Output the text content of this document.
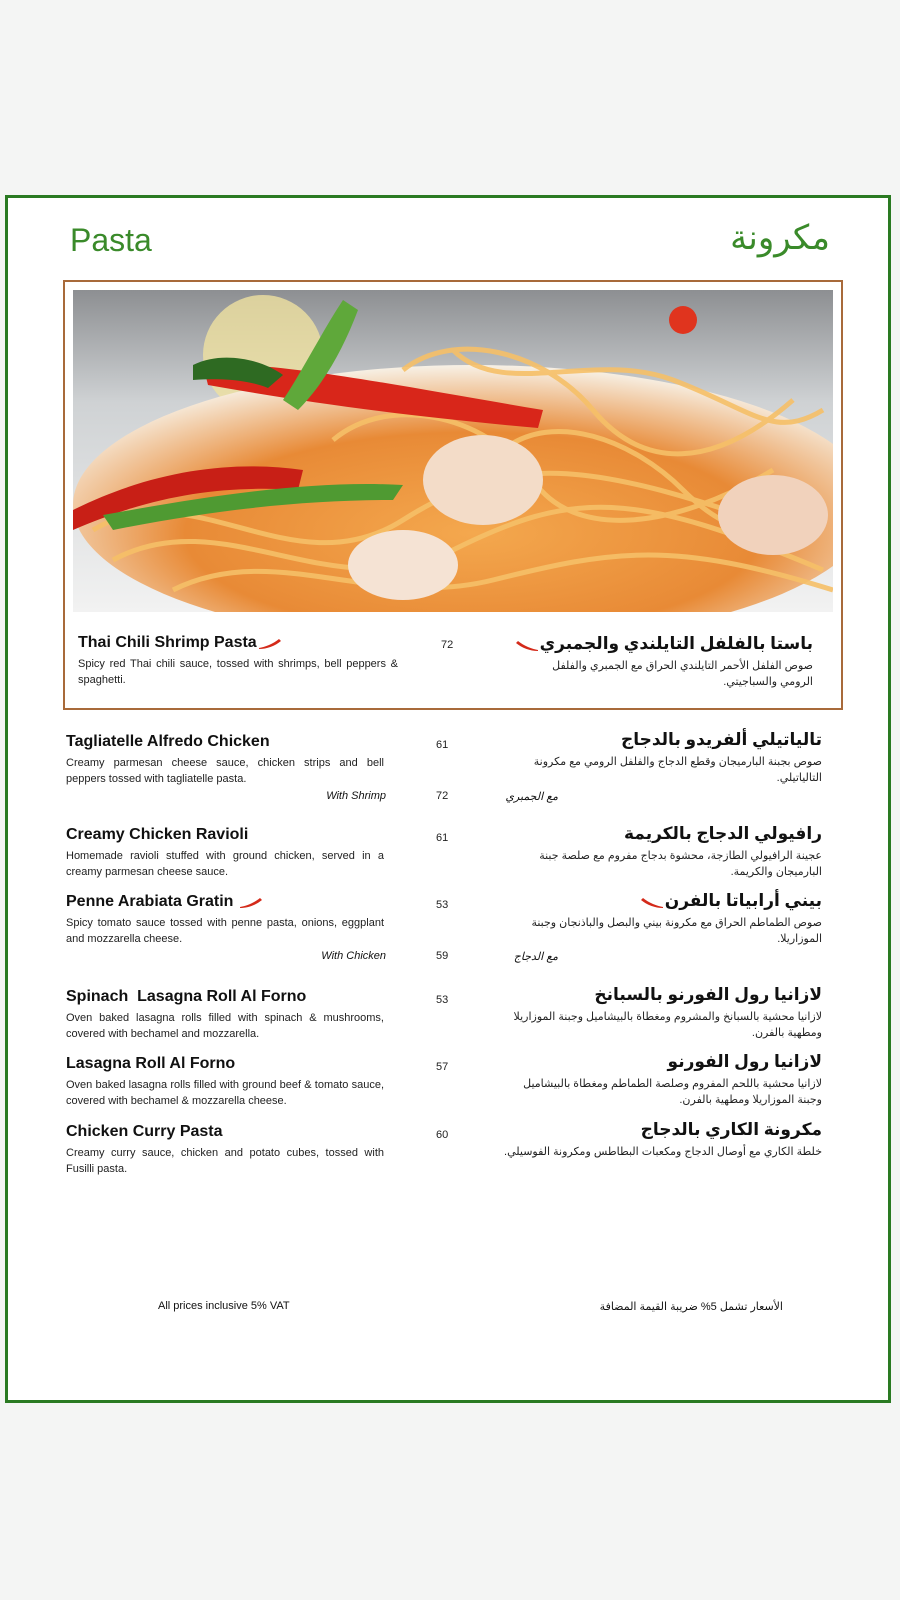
Pasta	مكرونة
Thai Chili Shrimp Pasta
Spicy red Thai chili sauce, tossed with shrimps, bell peppers & spaghetti.
72	باستا بالفلفل التايلندي والجمبري
صوص الفلفل الأحمر التايلندي الحراق مع الجمبري والفلفل الرومي والسباجيتي.
Tagliatelle Alfredo Chicken
Creamy parmesan cheese sauce, chicken strips and bell peppers tossed with tagliatelle pasta.
61	تالياتيلي ألفريدو بالدجاج
صوص بجبنة البارميجان وقطع الدجاج والفلفل الرومي مع مكرونة التالياتيلي.
With Shrimp	72	مع الجمبري
Creamy Chicken Ravioli
Homemade ravioli stuffed with ground chicken, served in a creamy parmesan cheese sauce.
61	رافيولي الدجاج بالكريمة
عجينة الرافيولي الطازجة، محشوة بدجاج مفروم مع صلصة جبنة البارميجان والكريمة.
Penne Arabiata Gratin
Spicy tomato sauce tossed with penne pasta, onions, eggplant and mozzarella cheese.
53	بيني أرابياتا بالفرن
صوص الطماطم الحراق مع مكرونة بيني والبصل والباذنجان وجبنة الموزاريلا.
With Chicken	59	مع الدجاج
Spinach  Lasagna Roll Al Forno
Oven baked lasagna rolls filled with spinach & mushrooms, covered with bechamel and mozzarella.
53	لازانيا رول الفورنو بالسبانخ
لازانيا محشية بالسبانخ والمشروم ومغطاة بالبيشاميل وجبنة الموزاريلا ومطهية بالفرن.
Lasagna Roll Al Forno
Oven baked lasagna rolls filled with ground beef & tomato sauce, covered with bechamel & mozzarella cheese.
57	لازانيا رول الفورنو
لازانيا محشية باللحم المفروم وصلصة الطماطم ومغطاة بالبيشاميل وجبنة الموزاريلا ومطهية بالفرن.
Chicken Curry Pasta
Creamy curry sauce, chicken and potato cubes, tossed with Fusilli pasta.
60	مكرونة الكاري بالدجاج
خلطة الكاري مع أوصال الدجاج ومكعبات البطاطس ومكرونة الفوسيلي.
All prices inclusive 5% VAT	الأسعار تشمل 5% ضريبة القيمة المضافة
